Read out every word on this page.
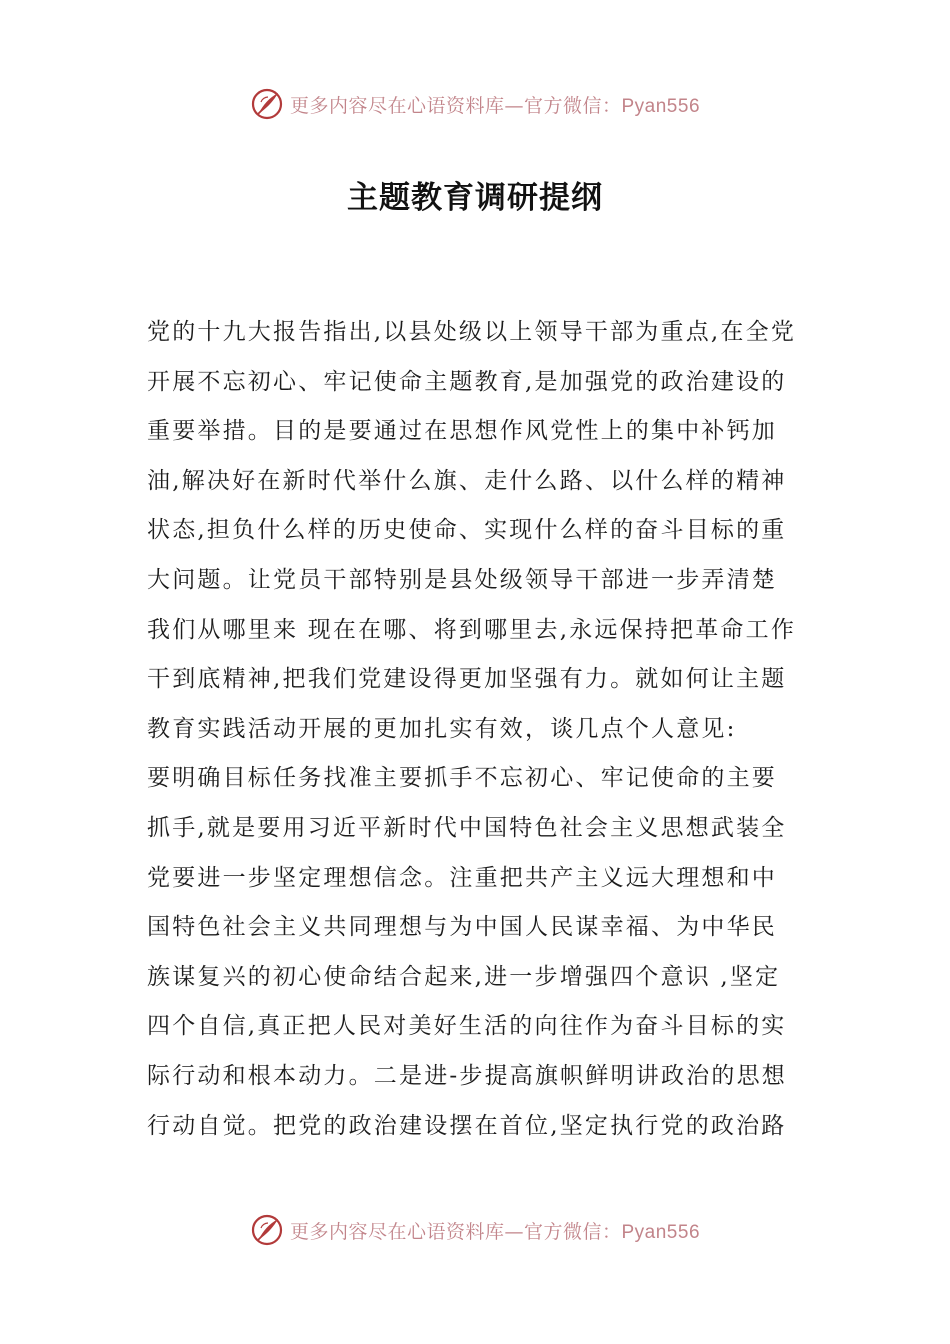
更多内容尽在心语资料库—官方微信：Pyan556
主题教育调研提纲
党的十九大报告指出,以县处级以上领导干部为重点,在全党
开展不忘初心、牢记使命主题教育,是加强党的政治建设的
重要举措。目的是要通过在思想作风党性上的集中补钙加
油,解决好在新时代举什么旗、走什么路、以什么样的精神
状态,担负什么样的历史使命、实现什么样的奋斗目标的重
大问题。让党员干部特别是县处级领导干部进一步弄清楚
我们从哪里来 现在在哪、将到哪里去,永远保持把革命工作
干到底精神,把我们党建设得更加坚强有力。就如何让主题
教育实践活动开展的更加扎实有效，谈几点个人意见:
要明确目标任务找准主要抓手不忘初心、牢记使命的主要
抓手,就是要用习近平新时代中国特色社会主义思想武装全
党要进一步坚定理想信念。注重把共产主义远大理想和中
国特色社会主义共同理想与为中国人民谋幸福、为中华民
族谋复兴的初心使命结合起来,进一步增强四个意识 ,坚定
四个自信,真正把人民对美好生活的向往作为奋斗目标的实
际行动和根本动力。二是进-步提高旗帜鲜明讲政治的思想
行动自觉。把党的政治建设摆在首位,坚定执行党的政治路
更多内容尽在心语资料库—官方微信：Pyan556
